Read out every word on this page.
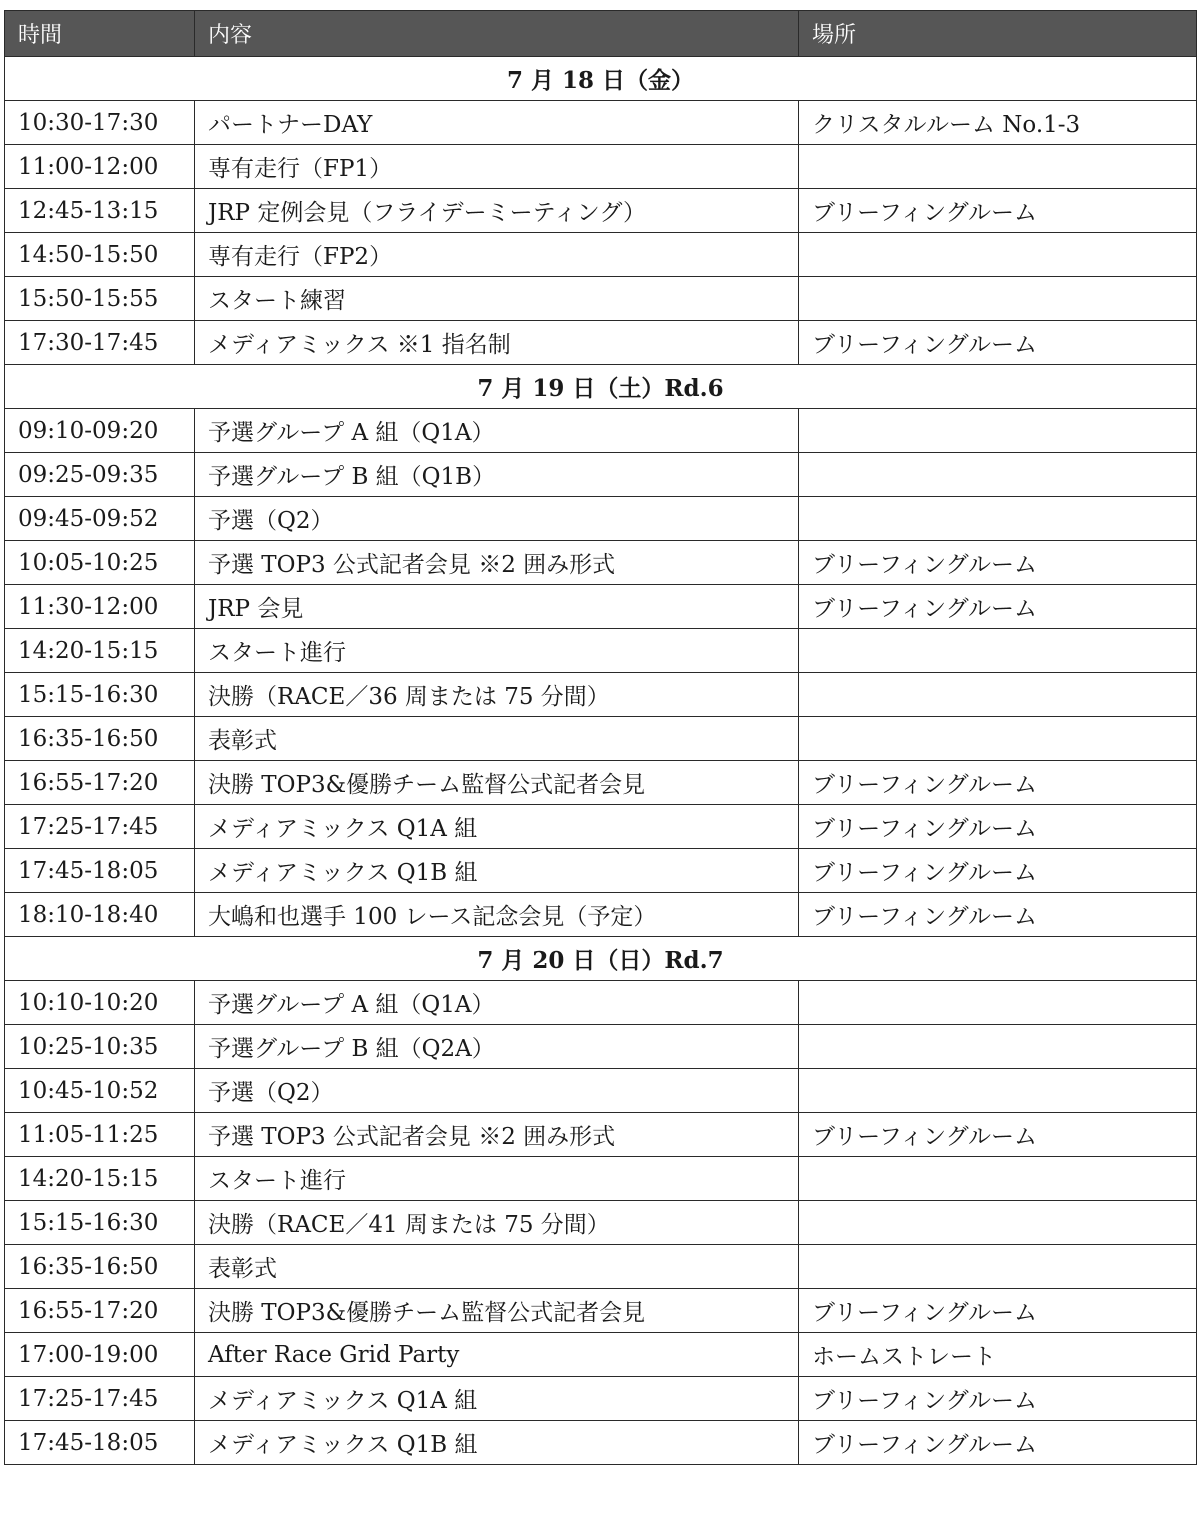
時間	内容	場所
7 月 18 日（金）		
10:30-17:30	パートナーDAY	クリスタルルーム No.1-3
11:00-12:00	専有走行（FP1）	
12:45-13:15	JRP 定例会見（フライデーミーティング）	ブリーフィングルーム
14:50-15:50	専有走行（FP2）	
15:50-15:55	スタート練習	
17:30-17:45	メディアミックス ※1 指名制	ブリーフィングルーム
7 月 19 日（土）Rd.6		
09:10-09:20	予選グループ A 組（Q1A）	
09:25-09:35	予選グループ B 組（Q1B）	
09:45-09:52	予選（Q2）	
10:05-10:25	予選 TOP3 公式記者会見 ※2 囲み形式	ブリーフィングルーム
11:30-12:00	JRP 会見	ブリーフィングルーム
14:20-15:15	スタート進行	
15:15-16:30	決勝（RACE／36 周または 75 分間）	
16:35-16:50	表彰式	
16:55-17:20	決勝 TOP3&優勝チーム監督公式記者会見	ブリーフィングルーム
17:25-17:45	メディアミックス Q1A 組	ブリーフィングルーム
17:45-18:05	メディアミックス Q1B 組	ブリーフィングルーム
18:10-18:40	大嶋和也選手 100 レース記念会見（予定）	ブリーフィングルーム
7 月 20 日（日）Rd.7		
10:10-10:20	予選グループ A 組（Q1A）	
10:25-10:35	予選グループ B 組（Q2A）	
10:45-10:52	予選（Q2）	
11:05-11:25	予選 TOP3 公式記者会見 ※2 囲み形式	ブリーフィングルーム
14:20-15:15	スタート進行	
15:15-16:30	決勝（RACE／41 周または 75 分間）	
16:35-16:50	表彰式	
16:55-17:20	決勝 TOP3&優勝チーム監督公式記者会見	ブリーフィングルーム
17:00-19:00	After Race Grid Party	ホームストレート
17:25-17:45	メディアミックス Q1A 組	ブリーフィングルーム
17:45-18:05	メディアミックス Q1B 組	ブリーフィングルーム
